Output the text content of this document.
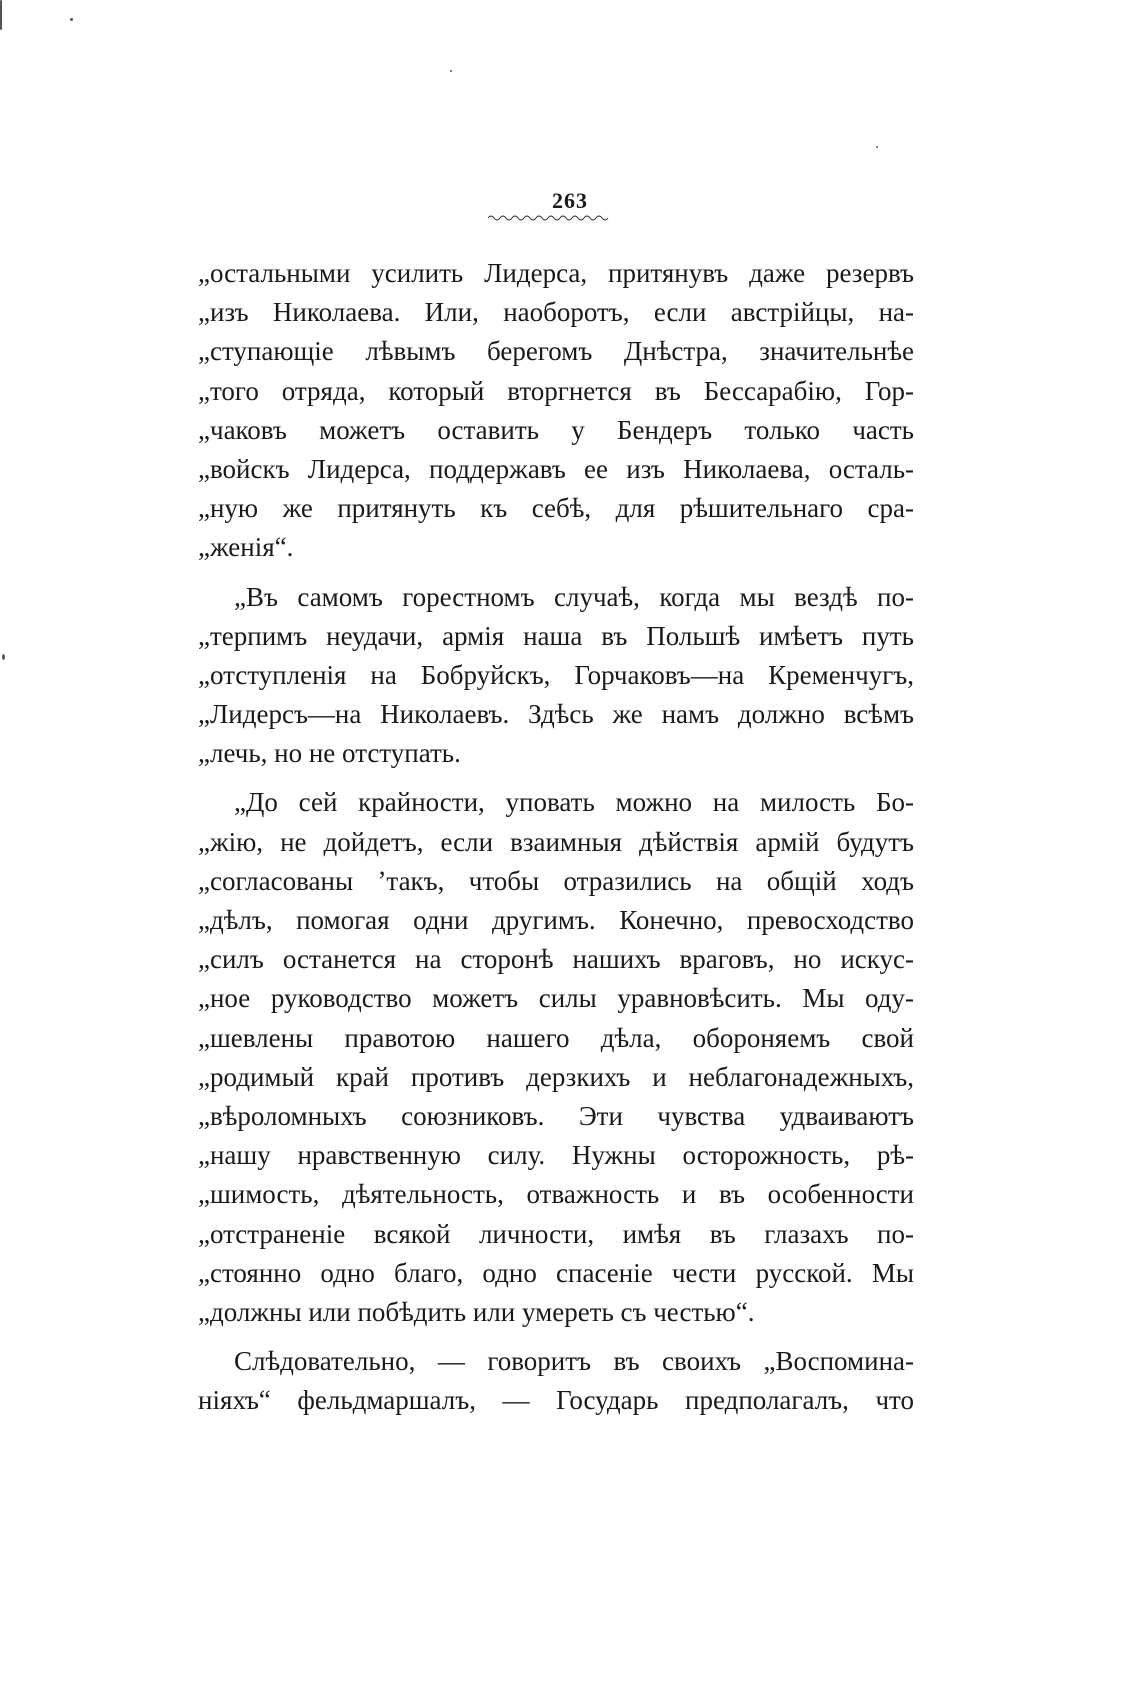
263
„остальными усилить Лидерса, притянувъ даже резервъ
„изъ Николаева. Или, наоборотъ, если австрійцы, на-
„ступающіе лѣвымъ берегомъ Днѣстра, значительнѣе
„того отряда, который вторгнется въ Бессарабію, Гор-
„чаковъ можетъ оставить у Бендеръ только часть
„войскъ Лидерса, поддержавъ ее изъ Николаева, осталь-
„ную же притянуть къ себѣ, для рѣшительнаго сра-
„женія“.
„Въ самомъ горестномъ случаѣ, когда мы вездѣ по-
„терпимъ неудачи, армія наша въ Польшѣ имѣетъ путь
„отступленія на Бобруйскъ, Горчаковъ—на Кременчугъ,
„Лидерсъ—на Николаевъ. Здѣсь же намъ должно всѣмъ
„лечь, но не отступать.
„До сей крайности, уповать можно на милость Бо-
„жію, не дойдетъ, если взаимныя дѣйствія армій будутъ
„согласованы ʼтакъ, чтобы отразились на общій ходъ
„дѣлъ, помогая одни другимъ. Конечно, превосходство
„силъ останется на сторонѣ нашихъ враговъ, но искус-
„ное руководство можетъ силы уравновѣсить. Мы оду-
„шевлены правотою нашего дѣла, обороняемъ свой
„родимый край противъ дерзкихъ и неблагонадежныхъ,
„вѣроломныхъ союзниковъ. Эти чувства удваиваютъ
„нашу нравственную силу. Нужны осторожность, рѣ-
„шимость, дѣятельность, отважность и въ особенности
„отстраненіе всякой личности, имѣя въ глазахъ по-
„стоянно одно благо, одно спасеніе чести русской. Мы
„должны или побѣдить или умереть съ честью“.
Слѣдовательно, — говоритъ въ своихъ „Воспомина-
ніяхъ“ фельдмаршалъ, — Государь предполагалъ, что
